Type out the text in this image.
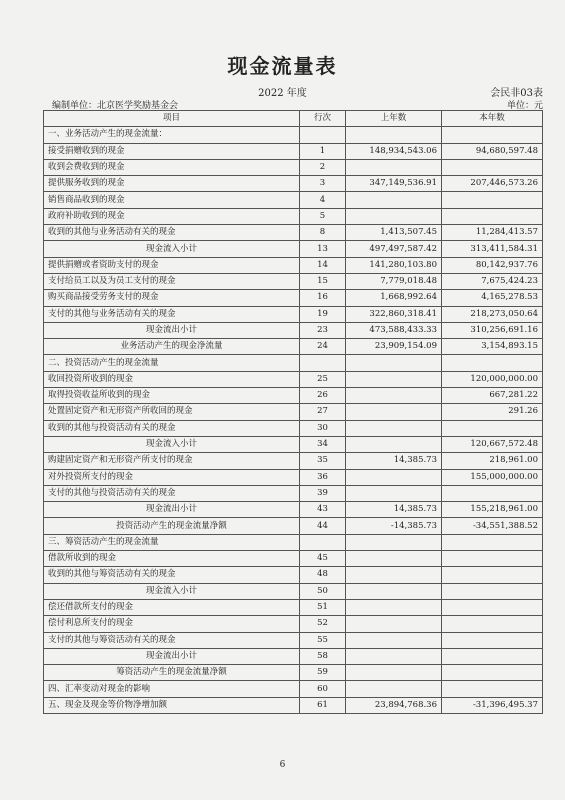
现金流量表
2022 年度	会民非03表
编制单位：北京医学奖励基金会	单位：元
项目	行次	上年数	本年数
一、业务活动产生的现金流量：			
接受捐赠收到的现金	1	148,934,543.06	94,680,597.48
收到会费收到的现金	2		
提供服务收到的现金	3	347,149,536.91	207,446,573.26
销售商品收到的现金	4		
政府补助收到的现金	5		
收到的其他与业务活动有关的现金	8	1,413,507.45	11,284,413.57
现金流入小计	13	497,497,587.42	313,411,584.31
提供捐赠或者资助支付的现金	14	141,280,103.80	80,142,937.76
支付给员工以及为员工支付的现金	15	7,779,018.48	7,675,424.23
购买商品接受劳务支付的现金	16	1,668,992.64	4,165,278.53
支付的其他与业务活动有关的现金	19	322,860,318.41	218,273,050.64
现金流出小计	23	473,588,433.33	310,256,691.16
业务活动产生的现金净流量	24	23,909,154.09	3,154,893.15
二、投资活动产生的现金流量			
收回投资所收到的现金	25		120,000,000.00
取得投资收益所收到的现金	26		667,281.22
处置固定资产和无形资产所收回的现金	27		291.26
收到的其他与投资活动有关的现金	30		
现金流入小计	34		120,667,572.48
购建固定资产和无形资产所支付的现金	35	14,385.73	218,961.00
对外投资所支付的现金	36		155,000,000.00
支付的其他与投资活动有关的现金	39		
现金流出小计	43	14,385.73	155,218,961.00
投资活动产生的现金流量净额	44	-14,385.73	-34,551,388.52
三、筹资活动产生的现金流量			
借款所收到的现金	45		
收到的其他与筹资活动有关的现金	48		
现金流入小计	50		
偿还借款所支付的现金	51		
偿付利息所支付的现金	52		
支付的其他与筹资活动有关的现金	55		
现金流出小计	58		
筹资活动产生的现金流量净额	59		
四、汇率变动对现金的影响	60		
五、现金及现金等价物净增加额	61	23,894,768.36	-31,396,495.37
6
